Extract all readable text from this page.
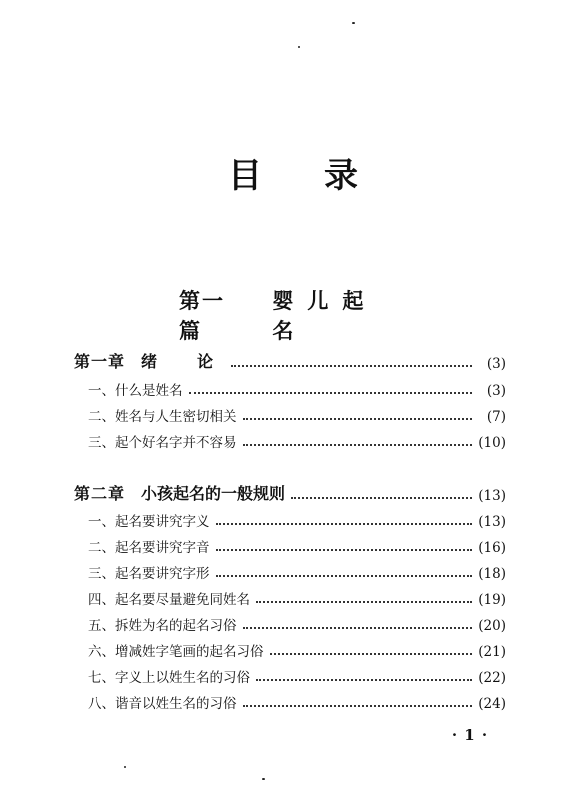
目 录
第一篇
婴儿起名
第一章 绪　论	(3)
一、什么是姓名	(3)
二、姓名与人生密切相关	(7)
三、起个好名字并不容易	(10)
第二章 小孩起名的一般规则	(13)
一、起名要讲究字义	(13)
二、起名要讲究字音	(16)
三、起名要讲究字形	(18)
四、起名要尽量避免同姓名	(19)
五、拆姓为名的起名习俗	(20)
六、增减姓字笔画的起名习俗	(21)
七、字义上以姓生名的习俗	(22)
八、谐音以姓生名的习俗	(24)
· 1 ·
